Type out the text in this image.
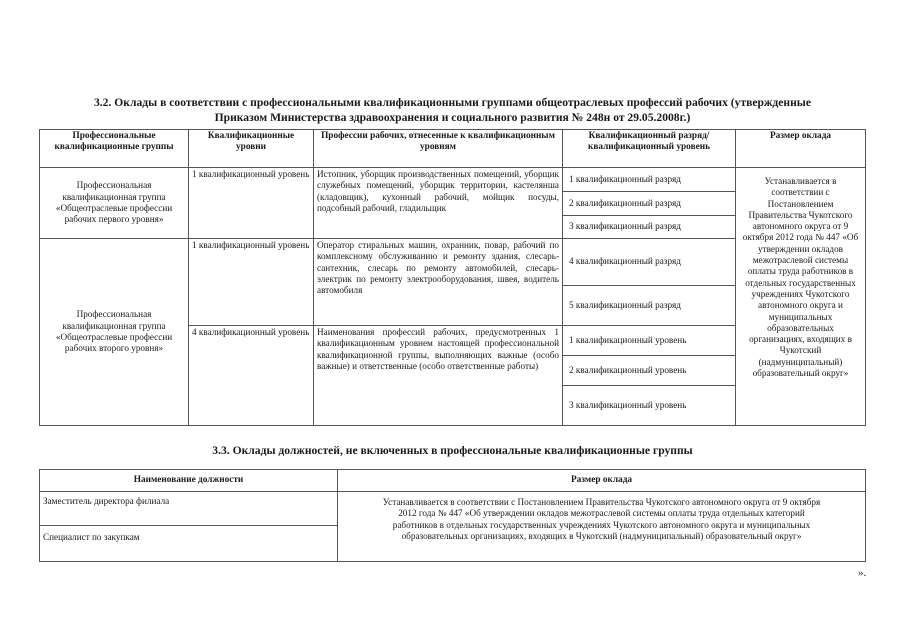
3.2. Оклады в соответствии с профессиональными квалификационными группами общеотраслевых профессий рабочих (утвержденные
Приказом Министерства здравоохранения и социального развития № 248н от 29.05.2008г.)
Профессиональные квалификационные группы	Квалификационные уровни	Профессии рабочих, отнесенные к квалификационным уровням	Квалификационный разряд/квалификационный уровень	Размер оклада
Профессиональная квалификационная группа «Общеотраслевые профессии рабочих первого уровня»	1 квалификационный уровень	Истопник, уборщик производственных помещений, уборщик служебных помещений, уборщик территории, кастелянша (кладовщик), кухонный рабочий, мойщик посуды, подсобный рабочий, гладильщик	1 квалификационный разряд	Устанавливается в соответствии с Постановлением Правительства Чукотского автономного округа от 9 октября 2012 года № 447 «Об утверждении окладов межотраслевой системы оплаты труда работников в отдельных государственных учреждениях Чукотского автономного округа и муниципальных образовательных организациях, входящих в Чукотский (надмуниципальный) образовательный округ»
			2 квалификационный разряд	
			3 квалификационный разряд	
Профессиональная квалификационная группа «Общеотраслевые профессии рабочих второго уровня»	1 квалификационный уровень	Оператор стиральных машин, охранник, повар, рабочий по комплексному обслуживанию и ремонту здания, слесарь-сантехник, слесарь по ремонту автомобилей, слесарь-электрик по ремонту электрооборудования, швея, водитель автомобиля	4 квалификационный разряд	
			5 квалификационный разряд	
	4 квалификационный уровень	Наименования профессий рабочих, предусмотренных 1 квалификационным уровнем настоящей профессиональной квалификационной группы, выполняющих важные (особо важные) и ответственные (особо ответственные работы)	1 квалификационный уровень	
			2 квалификационный уровень	
			3 квалификационный уровень	
3.3. Оклады должностей, не включенных в профессиональные квалификационные группы
Наименование должности	Размер оклада
Заместитель директора филиала	Устанавливается в соответствии с Постановлением Правительства Чукотского автономного округа от 9 октября 2012 года № 447 «Об утверждении окладов межотраслевой системы оплаты труда отдельных категорий работников в отдельных государственных учреждениях Чукотского автономного округа и муниципальных образовательных организациях, входящих в Чукотский (надмуниципальный) образовательный округ»
Специалист по закупкам	
».
